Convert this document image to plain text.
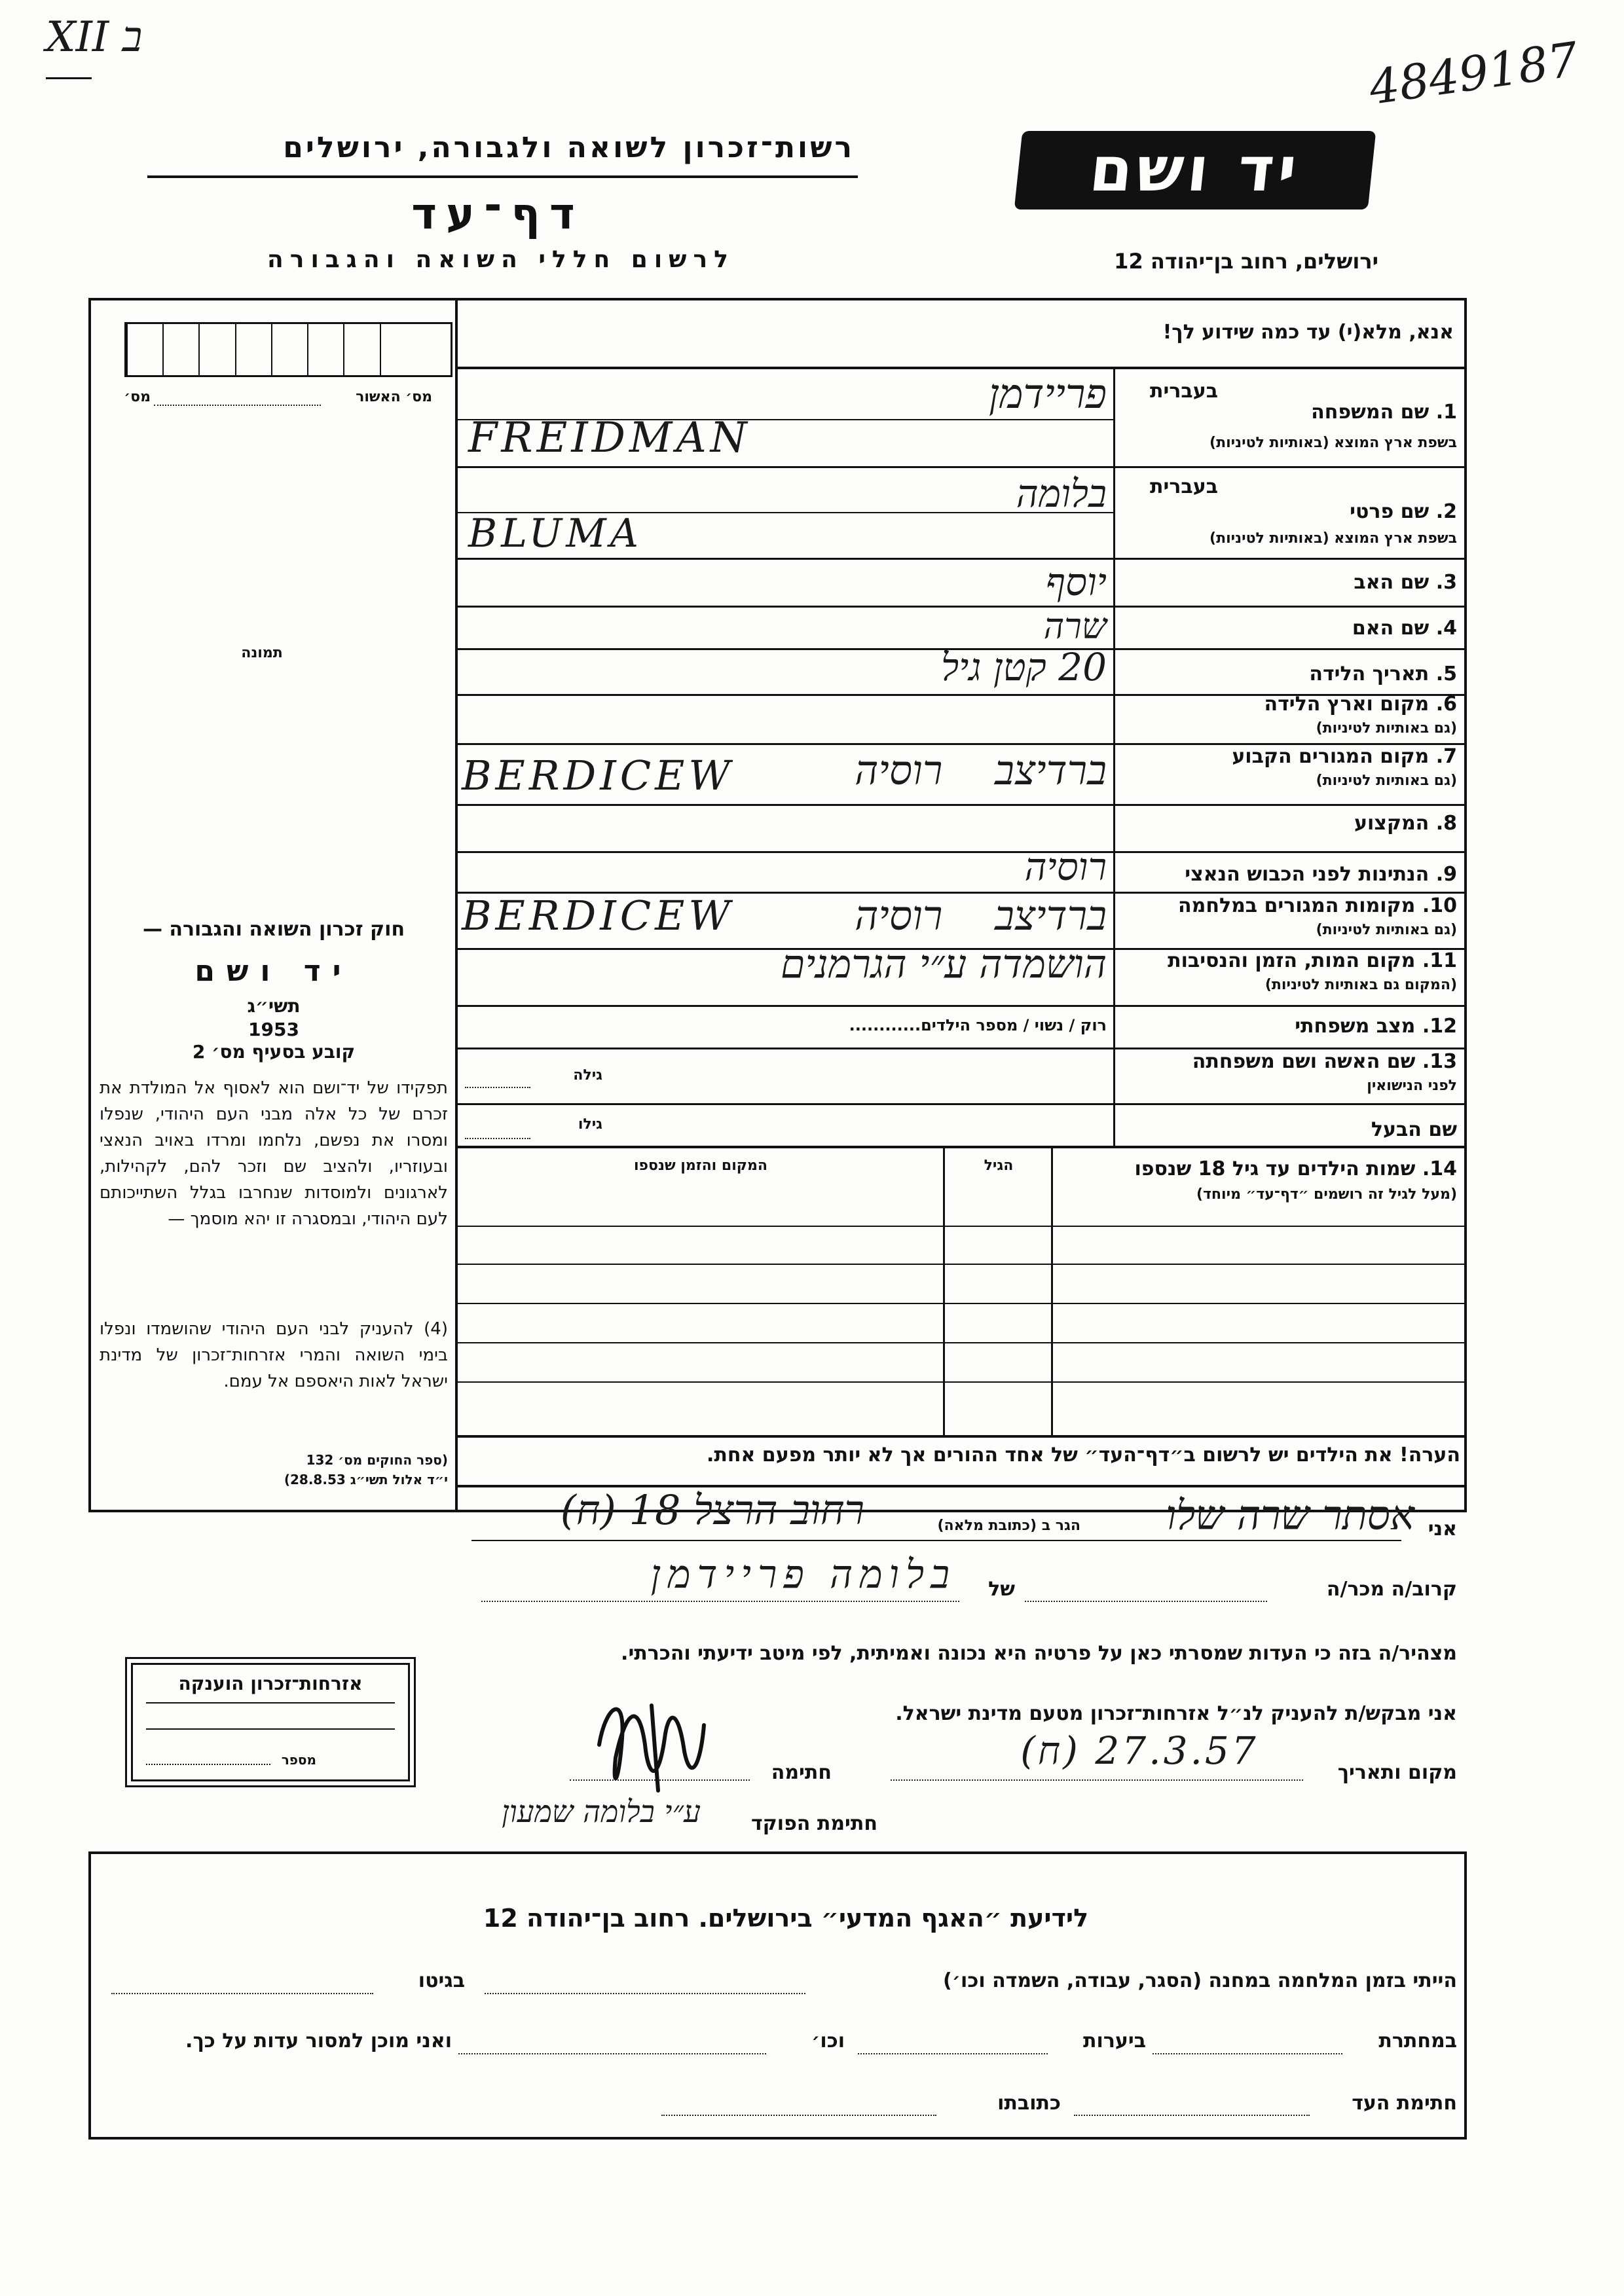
XII ב	4849187
רשות־זכרון לשואה ולגבורה, ירושלים
דף־עד
לרשום חללי השואה והגבורה
יד ושם
ירושלים, רחוב בן־יהודה 12
מס׳ האשור
מס׳
תמונה
חוק זכרון השואה והגבורה —
יד ושם
תשי״ג
1953
קובע בסעיף מס׳ 2
תפקידו של יד־ושם הוא לאסוף אל המולדת את זכרם של כל אלה מבני העם היהודי, שנפלו ומסרו את נפשם, נלחמו ומרדו באויב הנאצי ובעוזריו, ולהציב שם וזכר להם, לקהילות, לארגונים ולמוסדות שנחרבו בגלל השתייכותם לעם היהודי, ובמסגרה זו יהא מוסמך —
(4) להעניק לבני העם היהודי שהושמדו ונפלו בימי השואה והמרי אזרחות־זכרון של מדינת ישראל לאות היאספם אל עמם.
(ספר החוקים מס׳ 132
י״ד אלול תשי״ג 28.8.53)
אנא, מלא(י) עד כמה שידוע לך!
1. שם המשפחה
בעברית
בשפת ארץ המוצא (באותיות לטיניות)
פריידמן
FREIDMAN
בעברית
2. שם פרטי
בשפת ארץ המוצא (באותיות לטיניות)
בלומה
BLUMA
3. שם האב
יוסף
4. שם האם
שרה
5. תאריך הלידה
20 קטן גיל
6. מקום וארץ הלידה
(גם באותיות לטיניות)
7. מקום המגורים הקבוע
(גם באותיות לטיניות)
ברדיצב רוסיה
BERDICEW
8. המקצוע
9. הנתינות לפני הכבוש הנאצי
רוסיה
10. מקומות המגורים במלחמה
(גם באותיות לטיניות)
ברדיצב רוסיה
BERDICEW
11. מקום המות, הזמן והנסיבות
(המקום גם באותיות לטיניות)
הושמדה ע״י הגרמנים
12. מצב משפחתי
רוק / נשוי / מספר הילדים............
13. שם האשה ושם משפחתה
לפני הנישואין
גילה
שם הבעל
גילו
14. שמות הילדים עד גיל 18 שנספו
(מעל לגיל זה רושמים ״דף־עד״ מיוחד)
הגיל
המקום והזמן שנספו
הערה! את הילדים יש לרשום ב״דף־העד״ של אחד ההורים אך לא יותר מפעם אחת.
אני
אסתר שרה שלו
הגר ב (כתובת מלאה)
רחוב הרצל 18 (ח)
קרוב/ה מכר/ה
של
בלומה פריידמן
מצהיר/ה בזה כי העדות שמסרתי כאן על פרטיה היא נכונה ואמיתית, לפי מיטב ידיעתי והכרתי.
אני מבקש/ת להעניק לנ״ל אזרחות־זכרון מטעם מדינת ישראל.
מקום ותאריך
(ח) 27.3.57
חתימה
חתימת הפוקד
ע״י בלומה שמעון
אזרחות־זכרון הוענקה
מספר
לידיעת ״האגף המדעי״ בירושלים. רחוב בן־יהודה 12
הייתי בזמן המלחמה במחנה (הסגר, עבודה, השמדה וכו׳)
בגיטו
במחתרת
ביערות
וכו׳
ואני מוכן למסור עדות על כך.
חתימת העד
כתובתו
